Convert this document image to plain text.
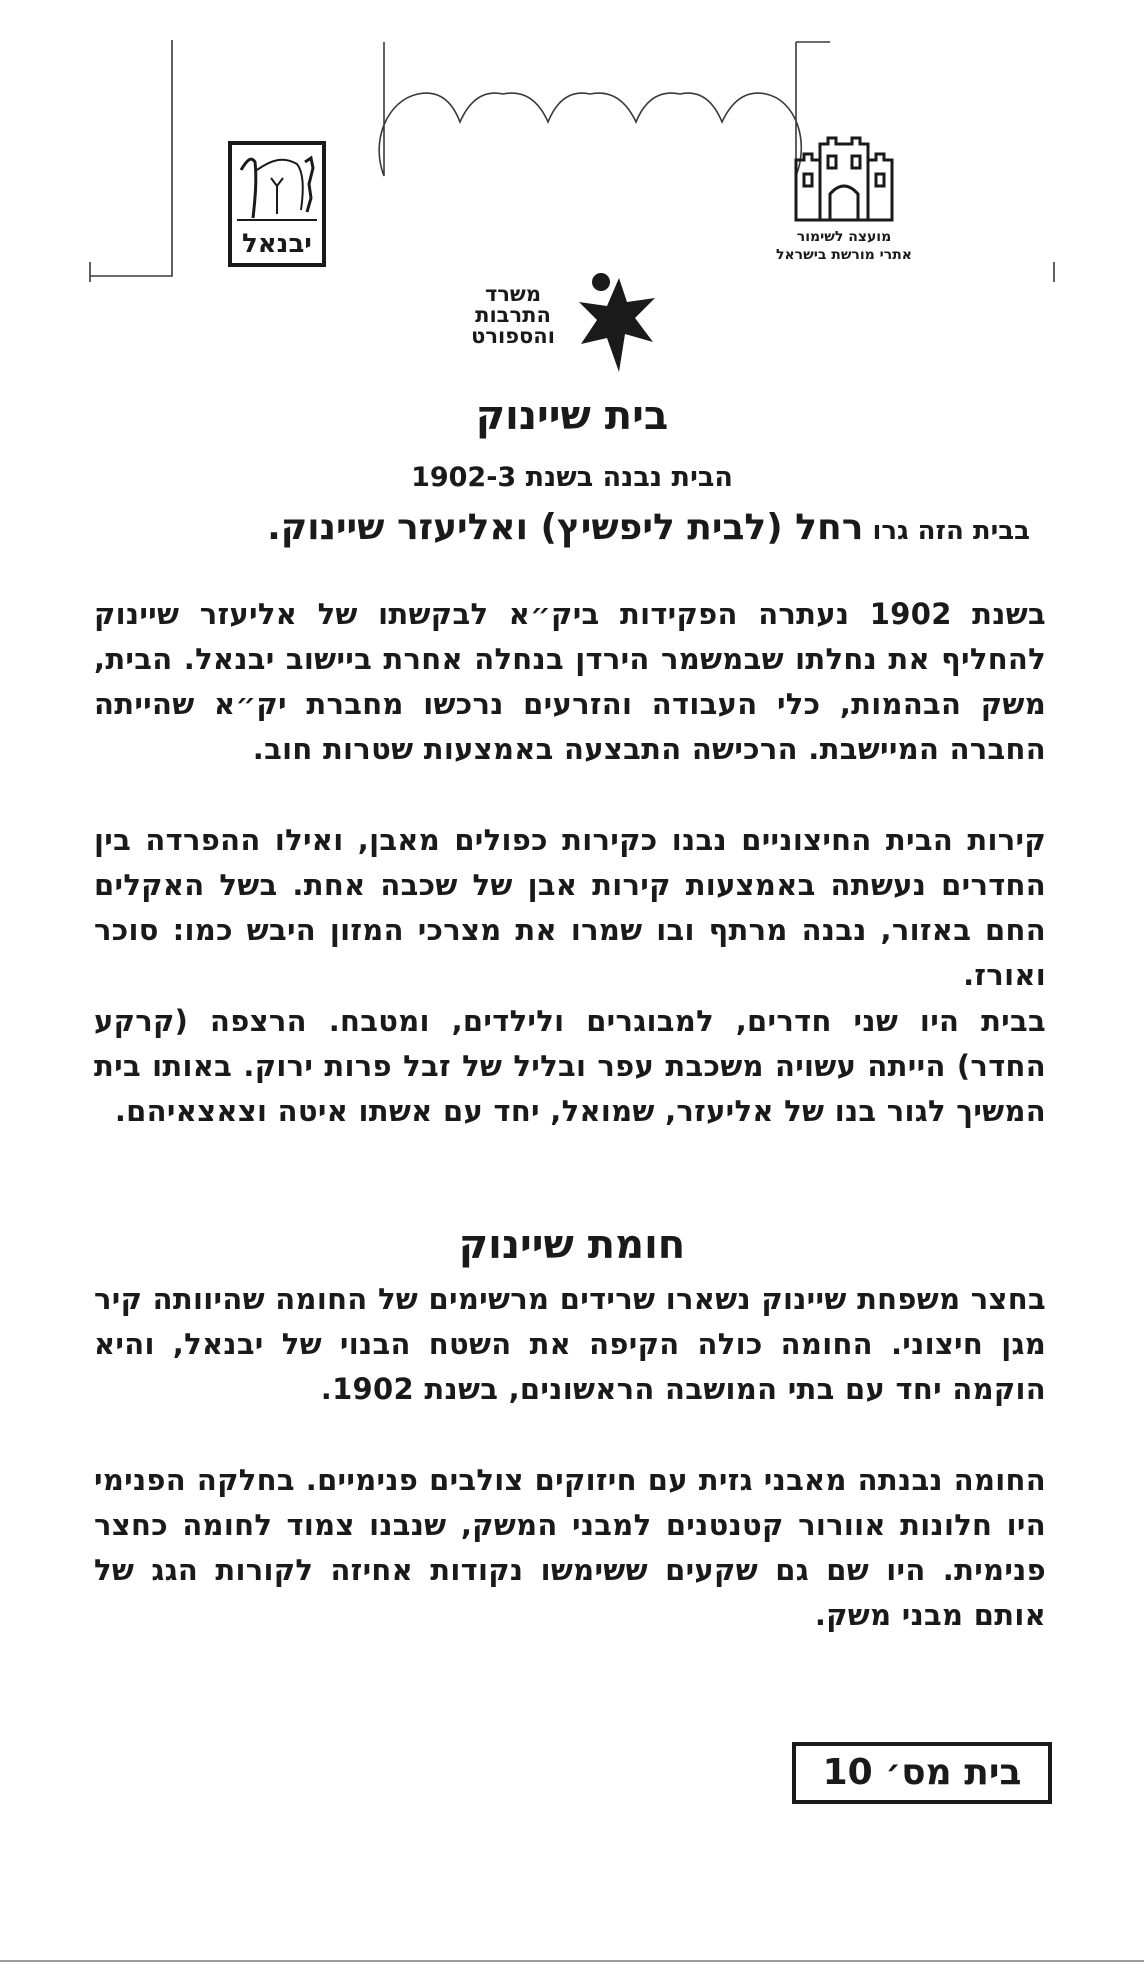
יבנאל	מועצה לשימור
אתרי מורשת בישראל
משרד
התרבות
והספורט
בית שיינוק
הבית נבנה בשנת 1902-3
בבית הזה גרו רחל (לבית ליפשיץ) ואליעזר שיינוק.

בשנת 1902 נעתרה הפקידות ביק״א לבקשתו של אליעזר שיינוק להחליף את נחלתו שבמשמר הירדן בנחלה אחרת ביישוב יבנאל. הבית, משק הבהמות, כלי העבודה והזרעים נרכשו מחברת יק״א שהייתה החברה המיישבת. הרכישה התבצעה באמצעות שטרות חוב.

קירות הבית החיצוניים נבנו כקירות כפולים מאבן, ואילו ההפרדה בין החדרים נעשתה באמצעות קירות אבן של שכבה אחת. בשל האקלים החם באזור, נבנה מרתף ובו שמרו את מצרכי המזון היבש כמו: סוכר ואורז.

בבית היו שני חדרים, למבוגרים ולילדים, ומטבח. הרצפה (קרקע החדר) הייתה עשויה משכבת עפר ובליל של זבל פרות ירוק. באותו בית המשיך לגור בנו של אליעזר, שמואל, יחד עם אשתו איטה וצאצאיהם.

חומת שיינוק

בחצר משפחת שיינוק נשארו שרידים מרשימים של החומה שהיוותה קיר מגן חיצוני. החומה כולה הקיפה את השטח הבנוי של יבנאל, והיא הוקמה יחד עם בתי המושבה הראשונים, בשנת 1902.

החומה נבנתה מאבני גזית עם חיזוקים צולבים פנימיים. בחלקה הפנימי היו חלונות אוורור קטנטנים למבני המשק, שנבנו צמוד לחומה כחצר פנימית. היו שם גם שקעים ששימשו נקודות אחיזה לקורות הגג של אותם מבני משק.

בית מס׳ 10
